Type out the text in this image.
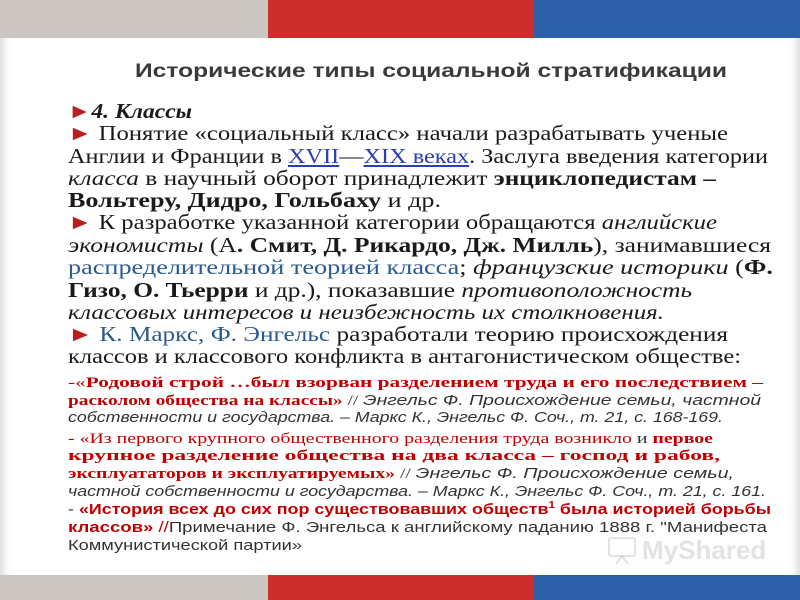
MyShared
Исторические типы социальной стратификации
►4. Классы
► Понятие «социальный класс» начали разрабатывать ученые
Англии и Франции в XVII—XIX веках. Заслуга введения категории
класса в научный оборот принадлежит энциклопедистам –
Вольтеру, Дидро, Гольбаху и др.
► К разработке указанной категории обращаются английские
экономисты (А. Смит, Д. Рикардо, Дж. Милль), занимавшиеся
распределительной теорией класса; французские историки (Ф.
Гизо, О. Тьерри и др.), показавшие противоположность
классовых интересов и неизбежность их столкновения.
► К. Маркс, Ф. Энгельс разработали теорию происхождения
классов и классового конфликта в антагонистическом обществе:
-«Родовой строй …был взорван разделением труда и его последствием –
расколом общества на классы» // Энгельс Ф. Происхождение семьи, частной
собственности и государства. – Маркс К., Энгельс Ф. Соч., т. 21, с. 168-169.
- «Из первого крупного общественного разделения труда возникло и первое
крупное разделение общества на два класса – господ и рабов,
эксплуататоров и эксплуатируемых» // Энгельс Ф. Происхождение семьи,
частной собственности и государства. – Маркс К., Энгельс Ф. Соч., т. 21, с. 161.
- «История всех до сих пор существовавших обществ$^1$ была историей борьбы
классов» //Примечание Ф. Энгельса к английскому паданию 1888 г. "Манифеста
Коммунистической партии»
